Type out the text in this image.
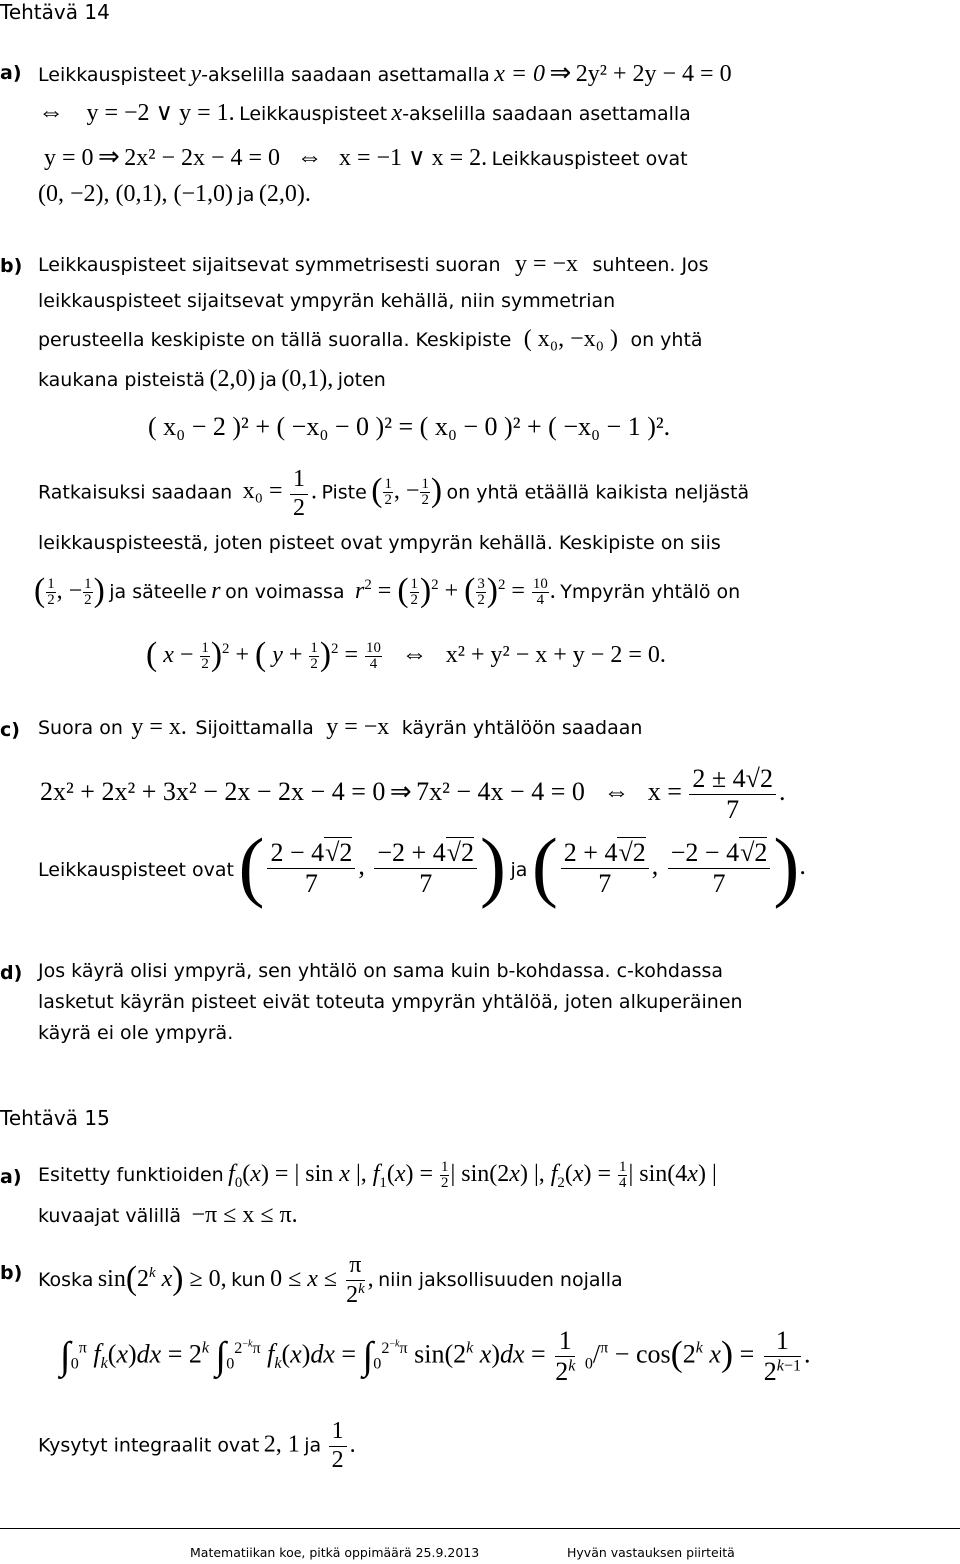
Tehtävä 14
a) Leikkauspisteet y-akselilla saadaan asettamalla x = 0 ⇒ 2y² + 2y − 4 = 0
⇔ y = −2 ∨ y = 1. Leikkauspisteet x-akselilla saadaan asettamalla
y = 0 ⇒ 2x² − 2x − 4 = 0 ⇔ x = −1 ∨ x = 2. Leikkauspisteet ovat
(0, −2), (0,1), (−1,0) ja (2,0).
b) Leikkauspisteet sijaitsevat symmetrisesti suoran y = −x suhteen. Jos
leikkauspisteet sijaitsevat ympyrän kehällä, niin symmetrian
perusteella keskipiste on tällä suoralla. Keskipiste ( x₀, −x₀ ) on yhtä
kaukana pisteistä (2,0) ja (0,1), joten
( x₀ − 2 )² + ( −x₀ − 0 )² = ( x₀ − 0 )² + ( −x₀ − 1 )².
Ratkaisuksi saadaan $x_0 = \frac{1}{2}$ . Piste ( $\frac{1}{2}$ , − $\frac{1}{2}$ ) on yhtä etäällä kaikista neljästä
leikkauspisteestä, joten pisteet ovat ympyrän kehällä. Keskipiste on siis
( $\frac{1}{2}$ , − $\frac{1}{2}$ ) ja säteelle r on voimassa $r^2$ = ( $\frac{1}{2} )^2$ + ( $\frac{3}{2} )^2 = \frac{10}{4}$ . Ympyrän yhtälö on
( $x - \frac{1}{2} )^2$ + ( $y + \frac{1}{2} )^2 = \frac{10}{4}$ ⇔ x² + y² − x + y − 2 = 0.
c) Suora on y = x. Sijoittamalla y = −x käyrän yhtälöön saadaan
2x² + 2x² + 3x² − 2x − 2x − 4 = 0 ⇒ 7x² − 4x − 4 = 0 ⇔ $x = \frac{2 \pm 4√2}{7}$ .
Leikkauspisteet ovat ( $\frac{2 - 4√2}{7}$ , $\frac{-2 + 4√2}{7}$ ) ja ( $\frac{2 + 4√2}{7}$ , $\frac{-2 - 4√2}{7}$ ).
d) Jos käyrä olisi ympyrä, sen yhtälö on sama kuin b-kohdassa. c-kohdassa
lasketut käyrän pisteet eivät toteuta ympyrän yhtälöä, joten alkuperäinen
käyrä ei ole ympyrä.
Tehtävä 15
a) Esitetty funktioiden $f_0(x)$ = | sin x |, $f_1(x) = \frac{1}{2}$ | sin(2x) |, $f_2(x) = \frac{1}{4}$ | sin(4x) |
kuvaajat välillä −π ≤ x ≤ π.
b) Koska sin(2$^k$ x) ≥ 0, kun $0 \le x \le \frac{\pi}{2^k}$ , niin jaksollisuuden nojalla
$\int_0^\pi$ $f_k(x)dx = 2^k$ $\int_0^{2^{-k}\pi}$ $f_k(x)dx = \int_0^{2^{-k}\pi}$ sin(2$^k$ $x)dx = \frac{1}{2^k} _0/^\pi - \cos(2^k$ $x) = \frac{1}{2^{k-1}}$ .
Kysytyt integraalit ovat 2, 1 ja $\frac{1}{2}$ .
Matematiikan koe, pitkä oppimäärä 25.9.2013	Hyvän vastauksen piirteitä
